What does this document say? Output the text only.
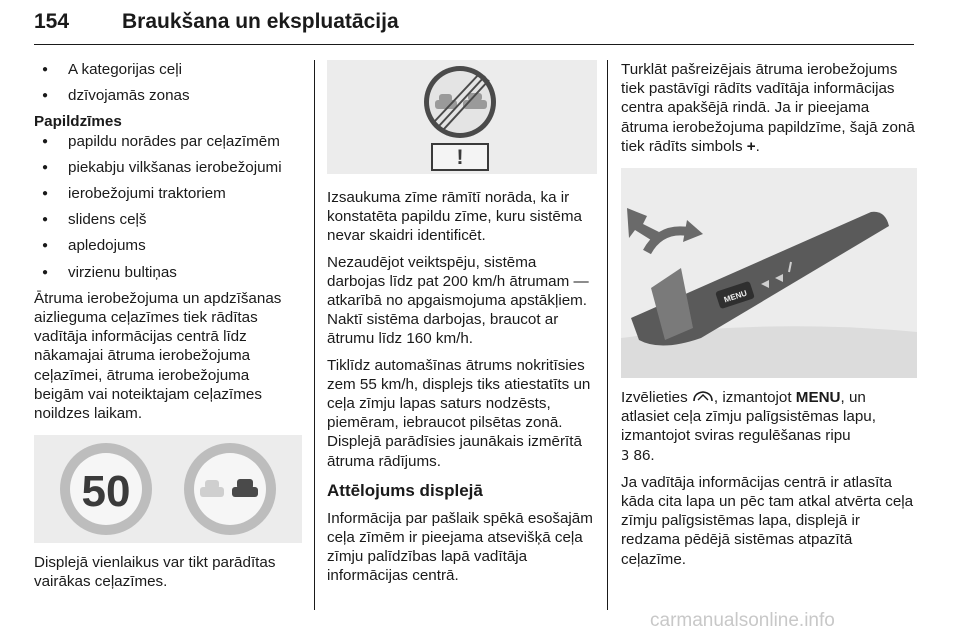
154	Braukšana un ekspluatācija
● A kategorijas ceļi
● dzīvojamās zonas
Papildzīmes
● papildu norādes par ceļazīmēm
● piekabju vilkšanas ierobežojumi
● ierobežojumi traktoriem
● slidens ceļš
● apledojums
● virzienu bultiņas

Ātruma ierobežojuma un apdzīšanas aizlieguma ceļazīmes tiek rādītas vadītāja informācijas centrā līdz nākamajai ātruma ierobežojuma ceļazīmei, ātruma ierobežojuma beigām vai noteiktajam ceļazīmes noildzes laikam.

50

Displejā vienlaikus var tikt parādītas vairākas ceļazīmes.

!

Izsaukuma zīme rāmītī norāda, ka ir konstatēta papildu zīme, kuru sistēma nevar skaidri identificēt.

Nezaudējot veiktspēju, sistēma darbojas līdz pat 200 km/h ātrumam — atkarībā no apgaismojuma apstākļiem. Naktī sistēma darbojas, braucot ar ātrumu līdz 160 km/h.

Tiklīdz automašīnas ātrums nokritīsies zem 55 km/h, displejs tiks atiestatīts un ceļa zīmju lapas saturs nodzēsts, piemēram, iebraucot pilsētas zonā. Displejā parādīsies jaunākais izmērītā ātruma rādījums.

Attēlojums displejā

Informācija par pašlaik spēkā esošajām ceļa zīmēm ir pieejama atsevišķā ceļa zīmju palīdzības lapā vadītāja informācijas centrā.

Turklāt pašreizējais ātruma ierobežojums tiek pastāvīgi rādīts vadītāja informācijas centra apakšējā rindā. Ja ir pieejama ātruma ierobežojuma papildzīme, šajā zonā tiek rādīts simbols +.

MENU

Izvēlieties , izmantojot MENU, un atlasiet ceļa zīmju palīgsistēmas lapu, izmantojot sviras regulēšanas ripu
3 86.

Ja vadītāja informācijas centrā ir atlasīta kāda cita lapa un pēc tam atkal atvērta ceļa zīmju palīgsistēmas lapa, displejā ir redzama pēdējā sistēmas atpazītā ceļazīme.

carmanualsonline.info
